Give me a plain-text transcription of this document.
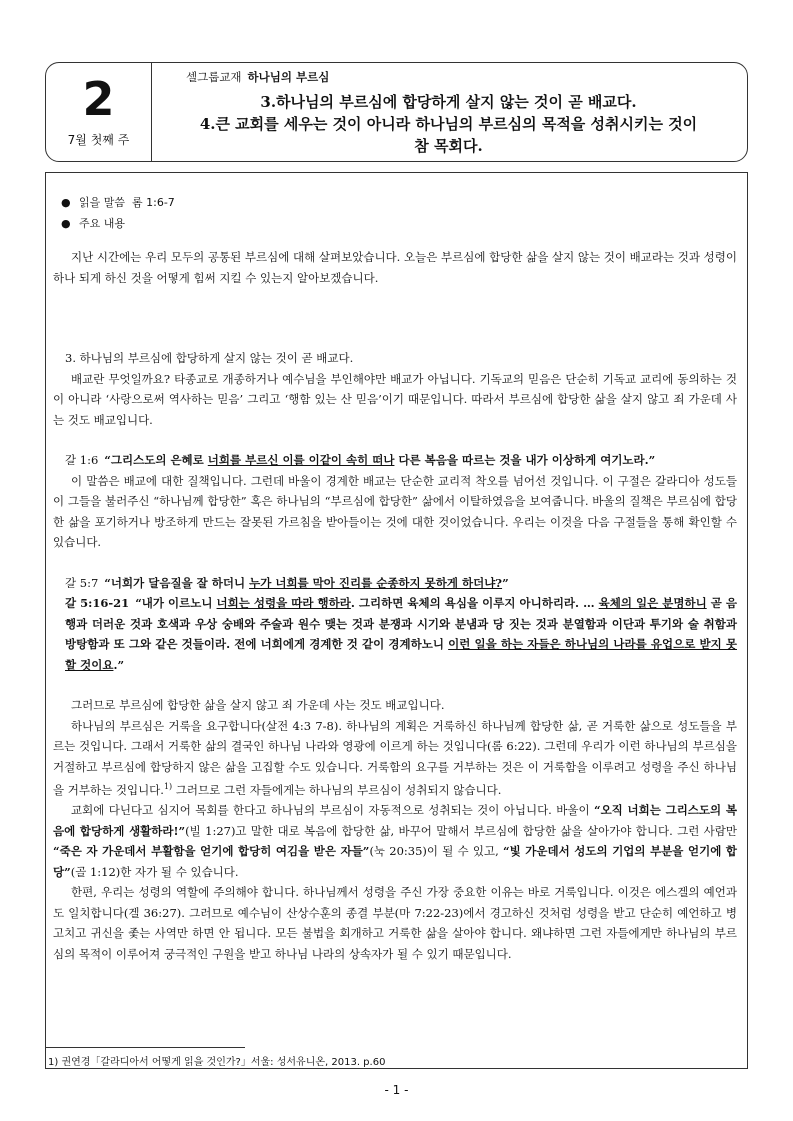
2
7월 첫째 주
셀그룹교재 하나님의 부르심
3.하나님의 부르심에 합당하게 살지 않는 것이 곧 배교다.
4.큰 교회를 세우는 것이 아니라 하나님의 부르심의 목적을 성취시키는 것이
참 목회다.

● 읽을 말씀 롬 1:6-7

● 주요 내용

지난 시간에는 우리 모두의 공통된 부르심에 대해 살펴보았습니다. 오늘은 부르심에 합당한 삶을 살지 않는 것이 배교라는 것과 성령이 하나 되게 하신 것을 어떻게 힘써 지킬 수 있는지 알아보겠습니다.

3. 하나님의 부르심에 합당하게 살지 않는 것이 곧 배교다.

배교란 무엇일까요? 타종교로 개종하거나 예수님을 부인해야만 배교가 아닙니다. 기독교의 믿음은 단순히 기독교 교리에 동의하는 것이 아니라 ‘사랑으로써 역사하는 믿음’ 그리고 ‘행함 있는 산 믿음’이기 때문입니다. 따라서 부르심에 합당한 삶을 살지 않고 죄 가운데 사는 것도 배교입니다.

갈 1:6 “그리스도의 은혜로 너희를 부르신 이를 이같이 속히 떠나 다른 복음을 따르는 것을 내가 이상하게 여기노라.”

이 말씀은 배교에 대한 질책입니다. 그런데 바울이 경계한 배교는 단순한 교리적 착오를 넘어선 것입니다. 이 구절은 갈라디아 성도들이 그들을 불러주신 “하나님께 합당한” 혹은 하나님의 “부르심에 합당한” 삶에서 이탈하였음을 보여줍니다. 바울의 질책은 부르심에 합당한 삶을 포기하거나 방조하게 만드는 잘못된 가르침을 받아들이는 것에 대한 것이었습니다. 우리는 이것을 다음 구절들을 통해 확인할 수 있습니다.

갈 5:7 “너희가 달음질을 잘 하더니 누가 너희를 막아 진리를 순종하지 못하게 하더냐?”

갈 5:16-21 “내가 이르노니 너희는 성령을 따라 행하라. 그리하면 육체의 욕심을 이루지 아니하리라. … 육체의 일은 분명하니 곧 음행과 더러운 것과 호색과 우상 숭배와 주술과 원수 맺는 것과 분쟁과 시기와 분냄과 당 짓는 것과 분열함과 이단과 투기와 술 취함과 방탕함과 또 그와 같은 것들이라. 전에 너희에게 경계한 것 같이 경계하노니 이런 일을 하는 자들은 하나님의 나라를 유업으로 받지 못할 것이요.”

그러므로 부르심에 합당한 삶을 살지 않고 죄 가운데 사는 것도 배교입니다.

하나님의 부르심은 거룩을 요구합니다(살전 4:3 7-8). 하나님의 계획은 거룩하신 하나님께 합당한 삶, 곧 거룩한 삶으로 성도들을 부르는 것입니다. 그래서 거룩한 삶의 결국인 하나님 나라와 영광에 이르게 하는 것입니다(롬 6:22). 그런데 우리가 이런 하나님의 부르심을 거절하고 부르심에 합당하지 않은 삶을 고집할 수도 있습니다. 거룩함의 요구를 거부하는 것은 이 거룩함을 이루려고 성령을 주신 하나님을 거부하는 것입니다.$^{1)}$ 그러므로 그런 자들에게는 하나님의 부르심이 성취되지 않습니다.

교회에 다닌다고 심지어 목회를 한다고 하나님의 부르심이 자동적으로 성취되는 것이 아닙니다. 바울이 “오직 너희는 그리스도의 복음에 합당하게 생활하라!”(빌 1:27)고 말한 대로 복음에 합당한 삶, 바꾸어 말해서 부르심에 합당한 삶을 살아가야 합니다. 그런 사람만 “죽은 자 가운데서 부활함을 얻기에 합당히 여김을 받은 자들”(눅 20:35)이 될 수 있고, “빛 가운데서 성도의 기업의 부분을 얻기에 합당”(골 1:12)한 자가 될 수 있습니다.

한편, 우리는 성령의 역할에 주의해야 합니다. 하나님께서 성령을 주신 가장 중요한 이유는 바로 거룩입니다. 이것은 에스겔의 예언과도 일치합니다(겔 36:27). 그러므로 예수님이 산상수훈의 종결 부분(마 7:22-23)에서 경고하신 것처럼 성령을 받고 단순히 예언하고 병고치고 귀신을 좇는 사역만 하면 안 됩니다. 모든 불법을 회개하고 거룩한 삶을 살아야 합니다. 왜냐하면 그런 자들에게만 하나님의 부르심의 목적이 이루어져 궁극적인 구원을 받고 하나님 나라의 상속자가 될 수 있기 때문입니다.

1) 권연경「갈라디아서 어떻게 읽을 것인가?」서울: 성서유니온, 2013. p.60
- 1 -
